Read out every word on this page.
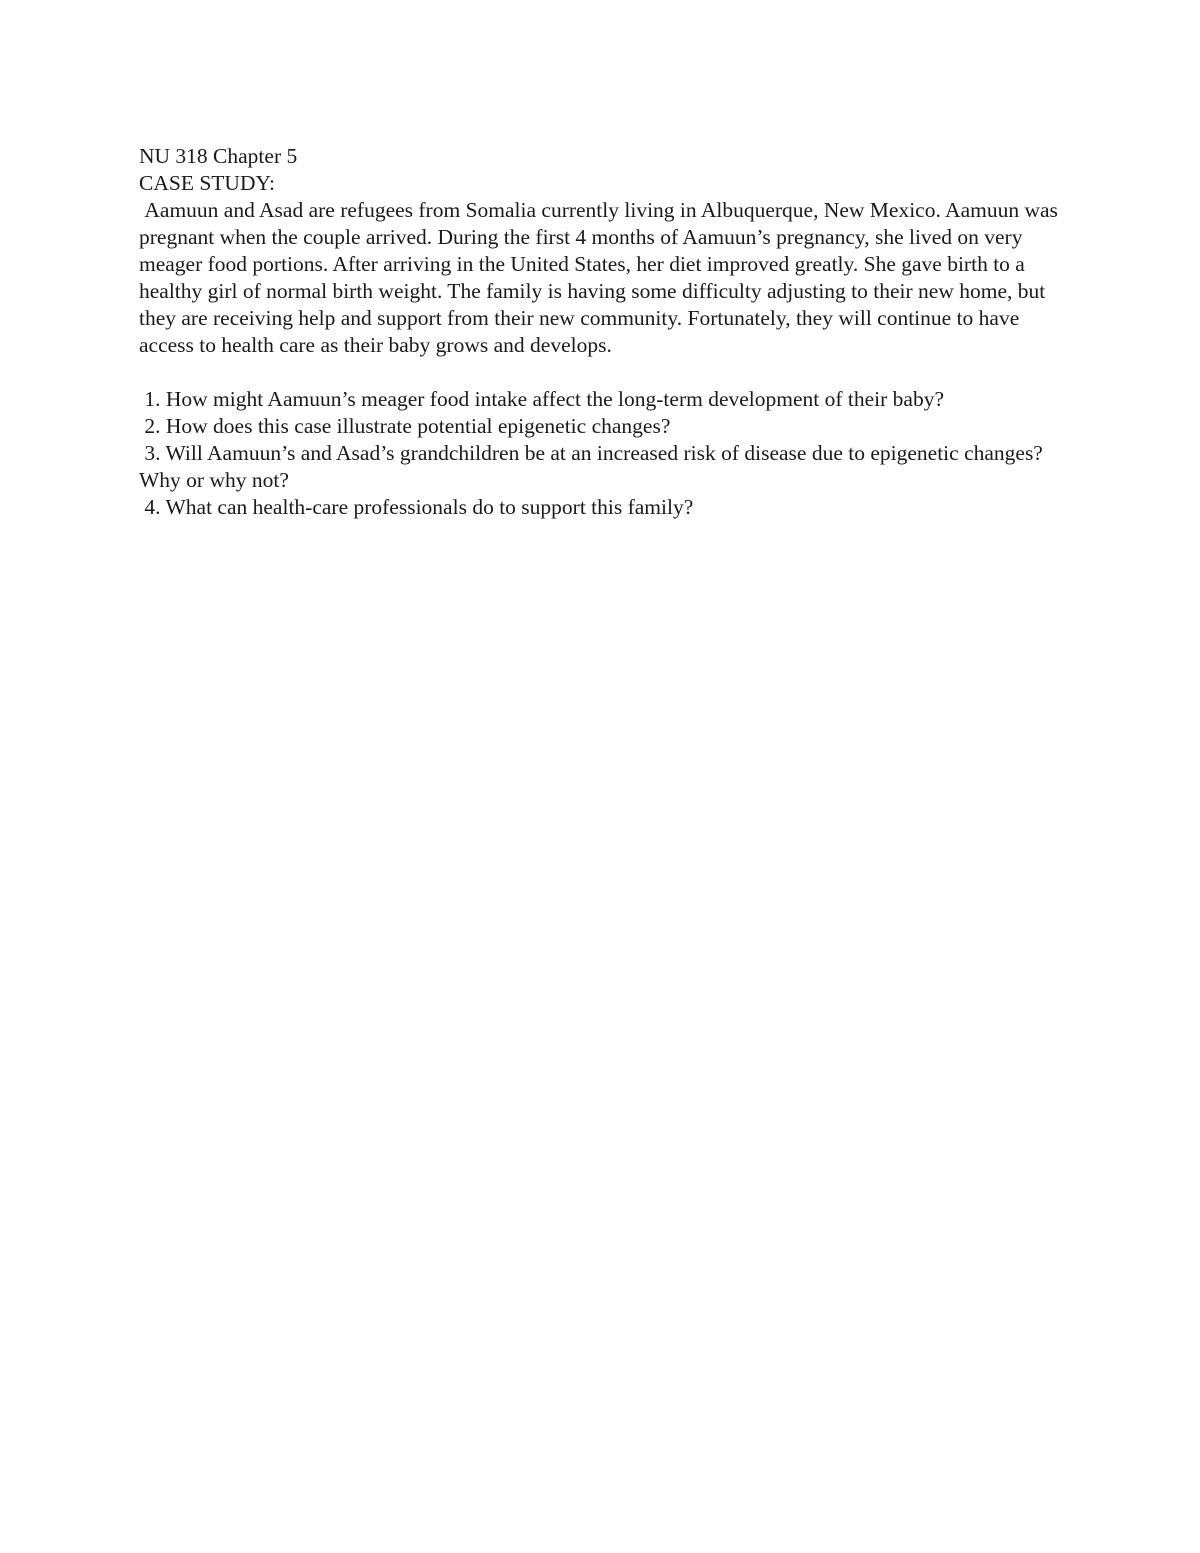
NU 318 Chapter 5
CASE STUDY:

Aamuun and Asad are refugees from Somalia currently living in Albuquerque, New Mexico. Aamuun was pregnant when the couple arrived. During the first 4 months of Aamuun’s pregnancy, she lived on very meager food portions. After arriving in the United States, her diet improved greatly. She gave birth to a healthy girl of normal birth weight. The family is having some difficulty adjusting to their new home, but they are receiving help and support from their new community. Fortunately, they will continue to have access to health care as their baby grows and develops.

1. How might Aamuun’s meager food intake affect the long-term development of their baby?
2. How does this case illustrate potential epigenetic changes?
3. Will Aamuun’s and Asad’s grandchildren be at an increased risk of disease due to epigenetic changes? Why or why not?
4. What can health-care professionals do to support this family?
